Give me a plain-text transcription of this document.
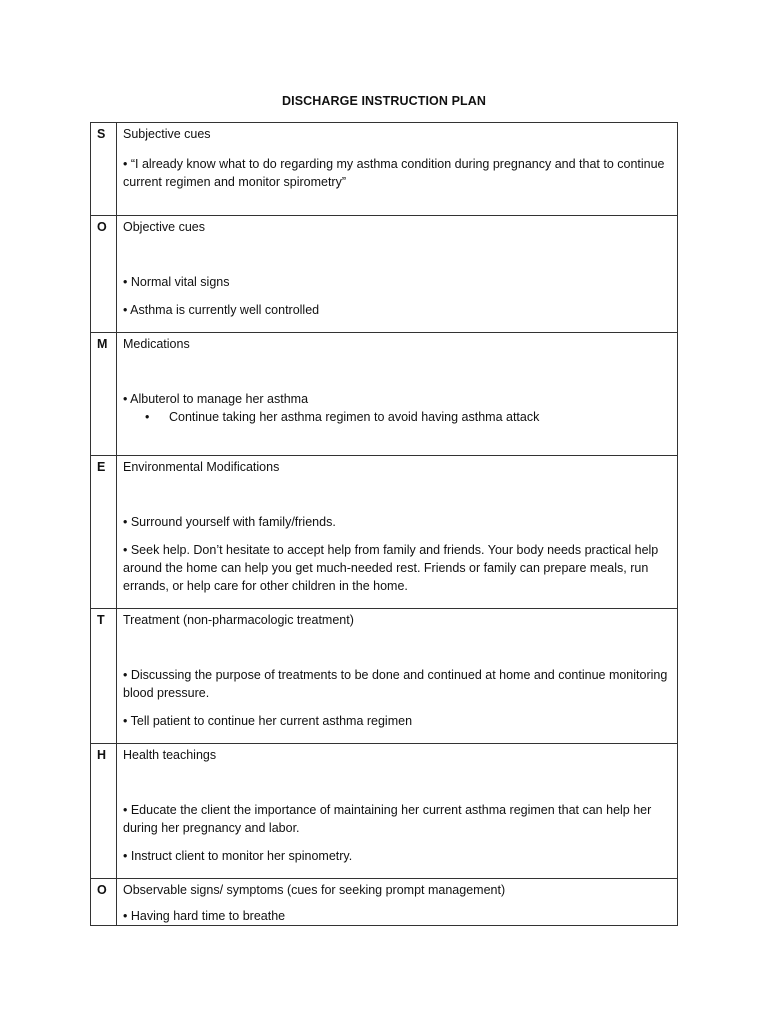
DISCHARGE INSTRUCTION PLAN
S	Subjective cues

• “I already know what to do regarding my asthma condition during pregnancy and that to continue current regimen and monitor spirometry”

O	Objective cues

• Normal vital signs

• Asthma is currently well controlled

M	Medications

• Albuterol to manage her asthma

• Continue taking her asthma regimen to avoid having asthma attack

E	Environmental Modifications

• Surround yourself with family/friends.

• Seek help. Don’t hesitate to accept help from family and friends. Your body needs practical help around the home can help you get much-needed rest. Friends or family can prepare meals, run errands, or help care for other children in the home.

T	Treatment (non-pharmacologic treatment)

• Discussing the purpose of treatments to be done and continued at home and continue monitoring blood pressure.

• Tell patient to continue her current asthma regimen

H	Health teachings

• Educate the client the importance of maintaining her current asthma regimen that can help her during her pregnancy and labor.

• Instruct client to monitor her spinometry.

O	Observable signs/ symptoms (cues for seeking prompt management)

• Having hard time to breathe
